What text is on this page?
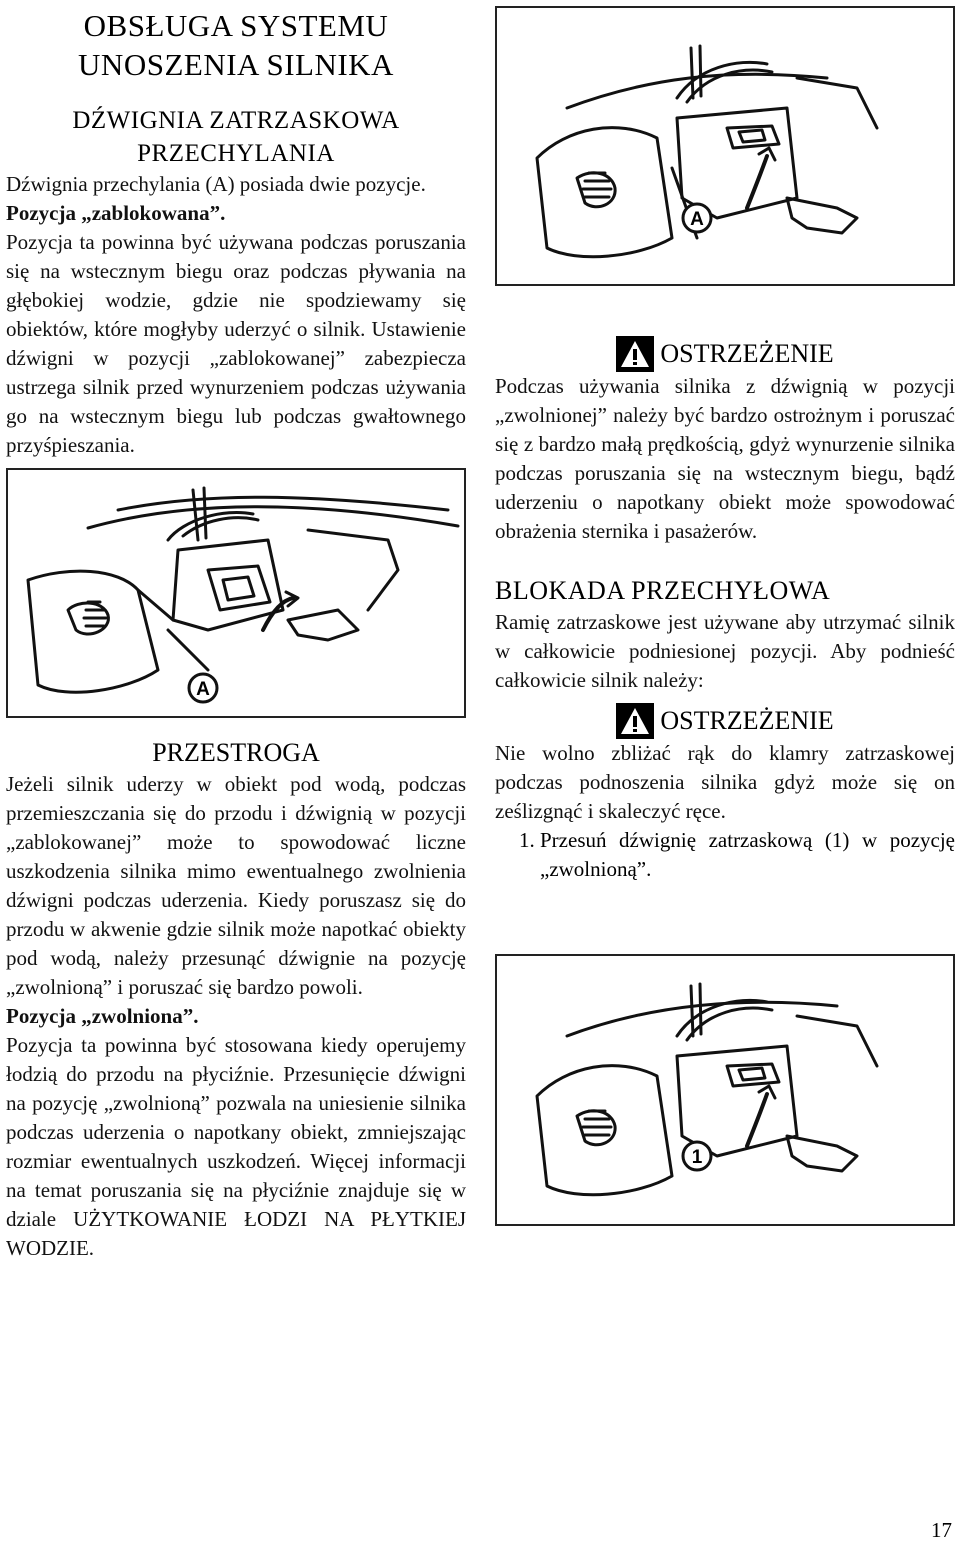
OBSŁUGA SYSTEMU UNOSZENIA SILNIKA
DŹWIGNIA ZATRZASKOWA PRZECHYLANIA

Dźwignia przechylania (A) posiada dwie pozycje.

Pozycja „zablokowana”.

Pozycja ta powinna być używana podczas poruszania się na wstecznym biegu oraz podczas pływania na głębokiej wodzie, gdzie nie spodziewamy się obiektów, które mogłyby uderzyć o silnik. Ustawienie dźwigni w pozycji „zablokowanej” zabezpiecza ustrzega silnik przed wynurzeniem podczas używania go na wstecznym biegu lub podczas gwałtownego przyśpieszania.

A
PRZESTROGA

Jeżeli silnik uderzy w obiekt pod wodą, podczas przemieszczania się do przodu i dźwignią w pozycji „zablokowanej” może to spowodować liczne uszkodzenia silnika mimo ewentualnego zwolnienia dźwigni podczas uderzenia. Kiedy poruszasz się do przodu w akwenie gdzie silnik może napotkać obiekty pod wodą, należy przesunąć dźwignie na pozycję „zwolnioną” i poruszać się bardzo powoli.

Pozycja „zwolniona”.

Pozycja ta powinna być stosowana kiedy operujemy łodzią do przodu na płyciźnie. Przesunięcie dźwigni na pozycję „zwolnioną” pozwala na uniesienie silnika podczas uderzenia o napotkany obiekt, zmniejszając rozmiar ewentualnych uszkodzeń. Więcej informacji na temat poruszania się na płyciźnie znajduje się w dziale UŻYTKOWANIE ŁODZI NA PŁYTKIEJ WODZIE.

A
OSTRZEŻENIE

Podczas używania silnika z dźwignią w pozycji „zwolnionej” należy być bardzo ostrożnym i poruszać się z bardzo małą prędkością, gdyż wynurzenie silnika podczas poruszania się na wstecznym biegu, bądź uderzeniu o napotkany obiekt może spowodować obrażenia sternika i pasażerów.

BLOKADA PRZECHYŁOWA

Ramię zatrzaskowe jest używane aby utrzymać silnik w całkowicie podniesionej pozycji. Aby podnieść całkowicie silnik należy:

OSTRZEŻENIE

Nie wolno zbliżać rąk do klamry zatrzaskowej podczas podnoszenia silnika gdyż może się on ześlizgnąć i skaleczyć ręce.

1. Przesuń dźwignię zatrzaskową (1) w pozycję „zwolnioną”.
1
17
